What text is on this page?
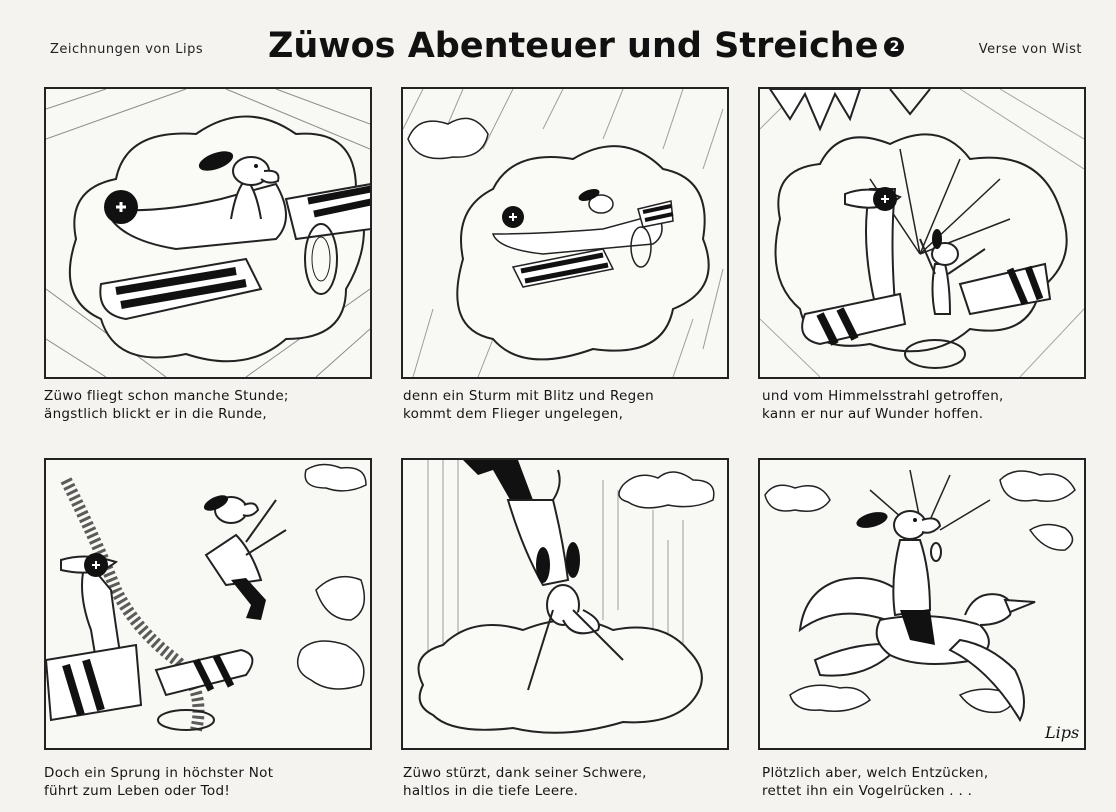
Zeichnungen von Lips Züwos Abenteuer und Streiche 2	Verse von Wist
Lips
Züwo fliegt schon manche Stunde;
ängstlich blickt er in die Runde,
denn ein Sturm mit Blitz und Regen
kommt dem Flieger ungelegen,
und vom Himmelsstrahl getroffen,
kann er nur auf Wunder hoffen.
Doch ein Sprung in höchster Not
führt zum Leben oder Tod!
Züwo stürzt, dank seiner Schwere,
haltlos in die tiefe Leere.
Plötzlich aber, welch Entzücken,
rettet ihn ein Vogelrücken . . .
